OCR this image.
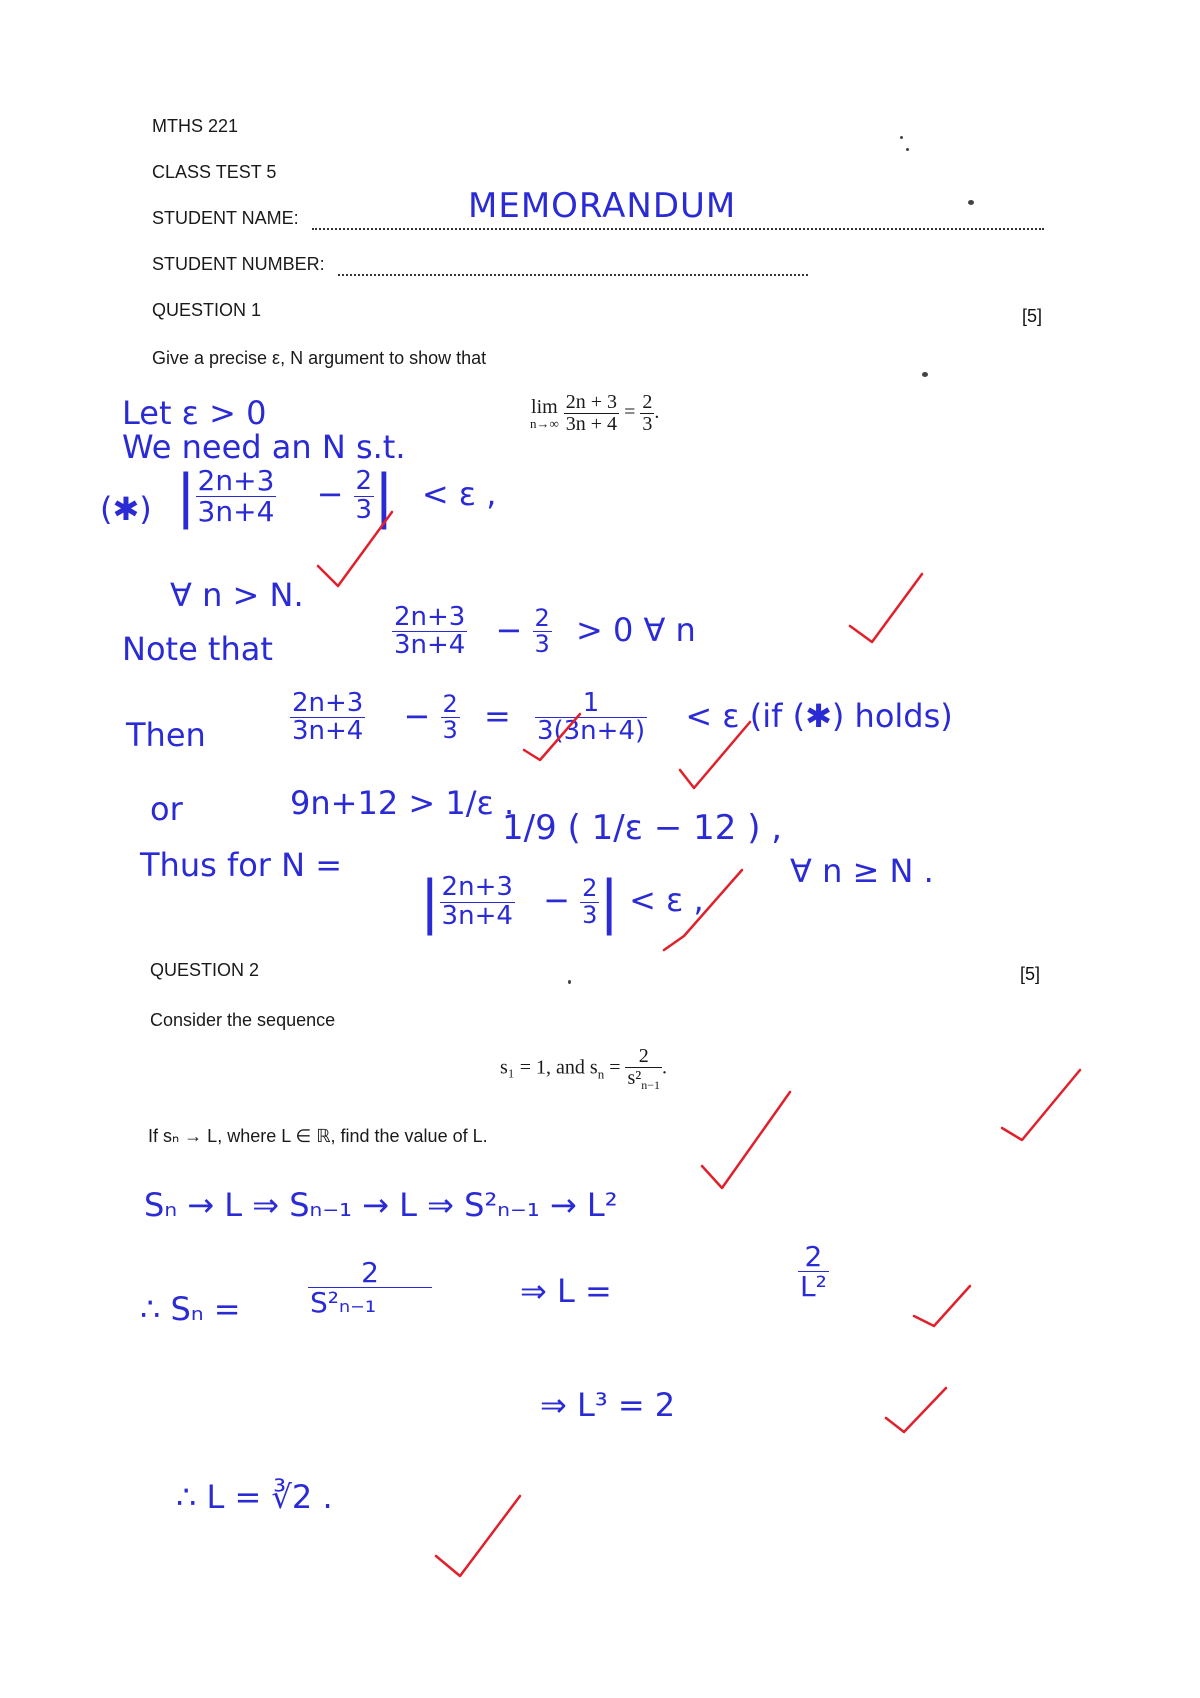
MTHS 221
CLASS TEST 5
STUDENT NAME:	MEMORANDUM
STUDENT NUMBER:
QUESTION 1	[5]
Give a precise ε, N argument to show that
lim
n→∞
$\frac{2n + 3}{3n + 4} = \frac{2}{3}$ .
Let ε > 0
We need an N s.t.
(✱) | $\frac{2n+3}{3n+4} - \frac{2}{3}$ | < ε ,
∀ n > N.
Note that	$\frac{2n+3}{3n+4} - \frac{2}{3} > 0$ ∀ n
Then	$\frac{2n+3}{3n+4} - \frac{2}{3} = \frac{1}{3(3n+4)} < \varepsilon$ (if (✱) holds)
or	9n+12 > 1/ε .
Thus for N =
1/9 ( 1/ε − 12 ) ,
| $\frac{2n+3}{3n+4} - \frac{2}{3}$ | < ε ,
∀ n ≥ N .
QUESTION 2	[5]
Consider the sequence
s₁ = 1, and $s_n = \frac{2}{s^2_{n-1}}$ .
If sₙ → L, where L ∈ ℝ, find the value of L.
Sₙ → L ⇒ Sₙ₋₁ → L ⇒ S²ₙ₋₁ → L²
∴ $S_n = \frac{2}{\text{S²ₙ₋₁}}$	⇒ L =	$\frac{2}{\text{L²}}$
⇒ L³ = 2
∴ L = ∛2 .
